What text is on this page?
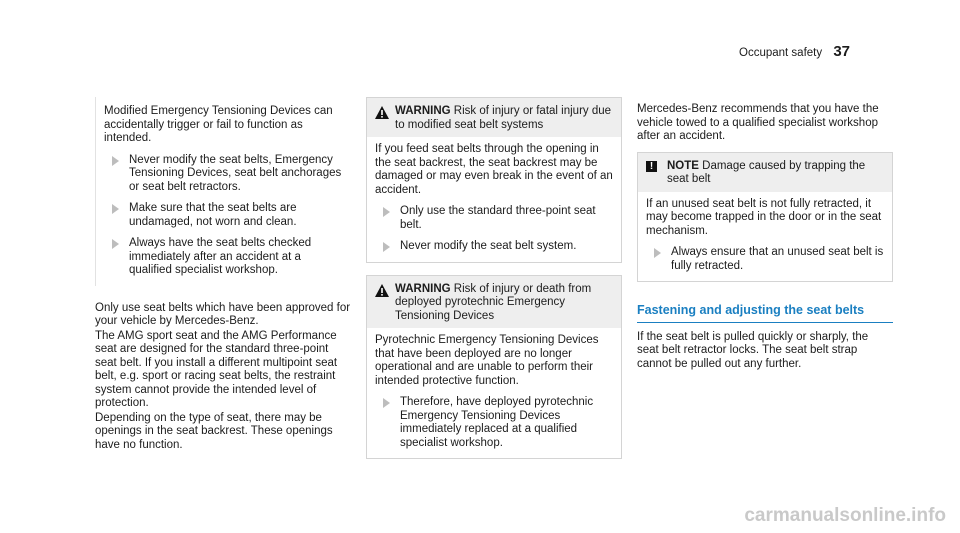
Occupant safety 37

Modified Emergency Tensioning Devices can accidentally trigger or fail to function as intended.

Never modify the seat belts, Emergency Tensioning Devices, seat belt anchorages or seat belt retractors.
Make sure that the seat belts are undamaged, not worn and clean.
Always have the seat belts checked immediately after an accident at a qualified specialist workshop.

Only use seat belts which have been approved for your vehicle by Mercedes-Benz.

The AMG sport seat and the AMG Performance seat are designed for the standard three-point seat belt. If you install a different multipoint seat belt, e.g. sport or racing seat belts, the restraint system cannot provide the intended level of protection.

Depending on the type of seat, there may be openings in the seat backrest. These openings have no function.

WARNING Risk of injury or fatal injury due to modified seat belt systems

If you feed seat belts through the opening in the seat backrest, the seat backrest may be damaged or may even break in the event of an accident.

Only use the standard three-point seat belt.
Never modify the seat belt system.
WARNING Risk of injury or death from deployed pyrotechnic Emergency Tensioning Devices

Pyrotechnic Emergency Tensioning Devices that have been deployed are no longer operational and are unable to perform their intended protective function.

Therefore, have deployed pyrotechnic Emergency Tensioning Devices immediately replaced at a qualified specialist workshop.

Mercedes-Benz recommends that you have the vehicle towed to a qualified specialist workshop after an accident.

!	NOTE Damage caused by trapping the seat belt

If an unused seat belt is not fully retracted, it may become trapped in the door or in the seat mechanism.

Always ensure that an unused seat belt is fully retracted.
Fastening and adjusting the seat belts

If the seat belt is pulled quickly or sharply, the seat belt retractor locks. The seat belt strap cannot be pulled out any further.

carmanualsonline.info
